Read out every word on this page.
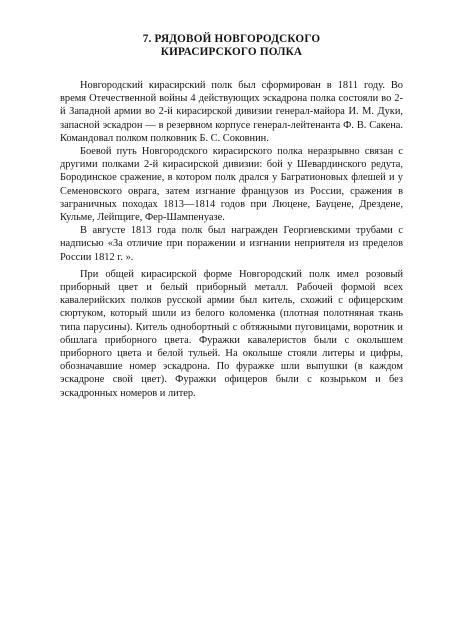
7. РЯДОВОЙ НОВГОРОДСКОГО
КИРАСИРСКОГО ПОЛКА

Новгородский кирасирский полк был сформирован в 1811 году. Во время Отечественной войны 4 действующих эскадрона полка состояли во 2-й Западной армии во 2-й кирасирской дивизии генерал-майора И. М. Дуки, запасной эскадрон — в резервном корпусе генерал-лейтенанта Ф. В. Сакена. Командовал полком полковник Б. С. Соковнин.

Боевой путь Новгородского кирасирского полка неразрывно связан с другими полками 2-й кирасирской дивизии: бой у Шевардинского редута, Бородинское сражение, в котором полк дрался у Багратионовых флешей и у Семеновского оврага, затем изгнание французов из России, сражения в заграничных походах 1813—1814 годов при Люцене, Бауцене, Дрездене, Кульме, Лейпциге, Фер-Шампенуазе.

В августе 1813 года полк был награжден Георгиевскими трубами с надписью «За отличие при поражении и изгнании неприятеля из пределов России 1812 г. ».

При общей кирасирской форме Новгородский полк имел розовый приборный цвет и белый приборный металл. Рабочей формой всех кавалерийских полков русской армии был китель, схожий с офицерским сюртуком, который шили из белого коломенка (плотная полотняная ткань типа парусины). Китель однобортный с обтяжными пуговицами, воротник и обшлага приборного цвета. Фуражки кавалеристов были с околышем приборного цвета и белой тульей. На околыше стояли литеры и цифры, обозначавшие номер эскадрона. По фуражке шли выпушки (в каждом эскадроне свой цвет). Фуражки офицеров были с козырьком и без эскадронных номеров и литер.
